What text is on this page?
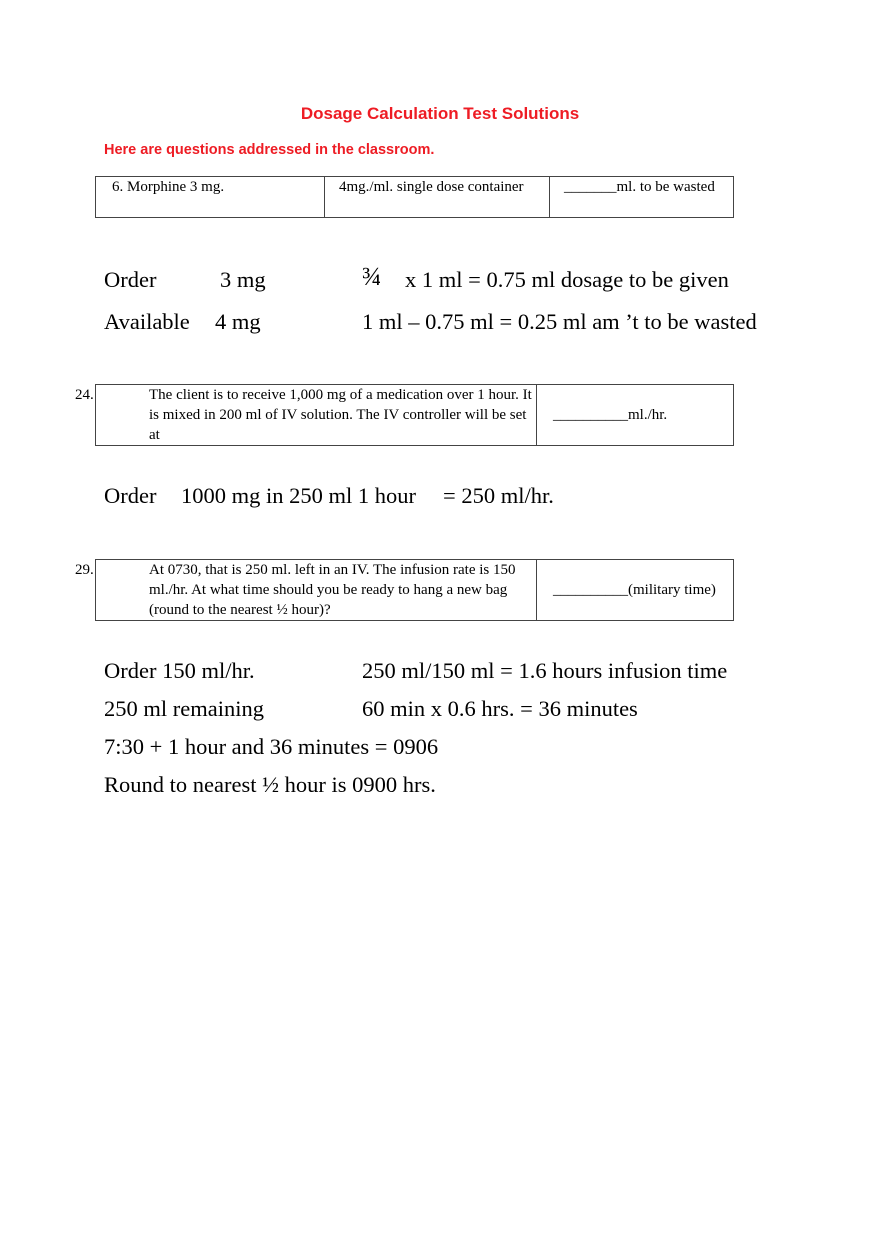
Dosage Calculation Test Solutions
Here are questions addressed in the classroom.
6. Morphine 3 mg.	4mg./ml. single dose container	_______ml. to be wasted
Order	3 mg	¾ x 1 ml = 0.75 ml dosage to be given
Available 4 mg	1 ml – 0.75 ml = 0.25 ml am ’t to be wasted
24.	The client is to receive 1,000 mg of a medication over 1 hour. It is mixed in 200 ml of IV solution. The IV controller will be set at
	__________ml./hr.
Order 1000 mg in 250 ml 1 hour = 250 ml/hr.
29.	At 0730, that is 250 ml. left in an IV. The infusion rate is 150 ml./hr. At what time should you be ready to hang a new bag (round to the nearest ½ hour)?
	__________(military time)
Order 150 ml/hr.	250 ml/150 ml = 1.6 hours infusion time
250 ml remaining	60 min x 0.6 hrs. = 36 minutes
7:30 + 1 hour and 36 minutes = 0906
Round to nearest ½ hour is 0900 hrs.
